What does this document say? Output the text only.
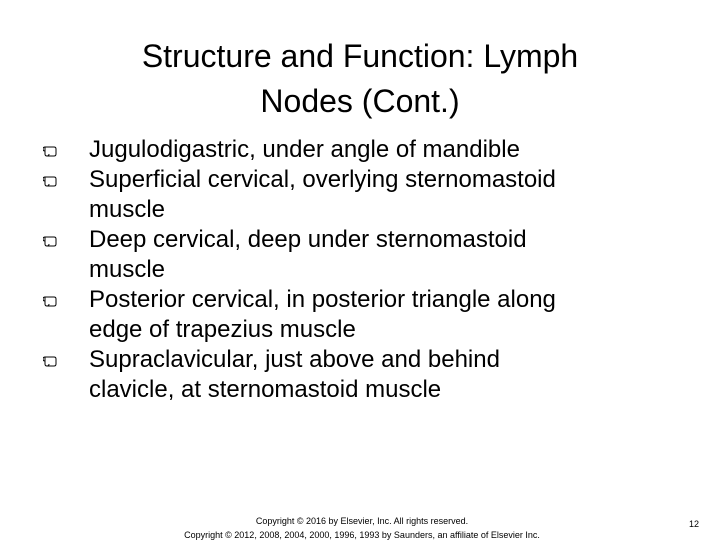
Structure and Function: Lymph
Nodes (Cont.)
Jugulodigastric, under angle of mandible
Superficial cervical, overlying sternomastoid
muscle
Deep cervical, deep under sternomastoid
muscle
Posterior cervical, in posterior triangle along
edge of trapezius muscle
Supraclavicular, just above and behind
clavicle, at sternomastoid muscle
Copyright © 2016 by Elsevier, Inc. All rights reserved.
Copyright © 2012, 2008, 2004, 2000, 1996, 1993 by Saunders, an affiliate of Elsevier Inc.
12
